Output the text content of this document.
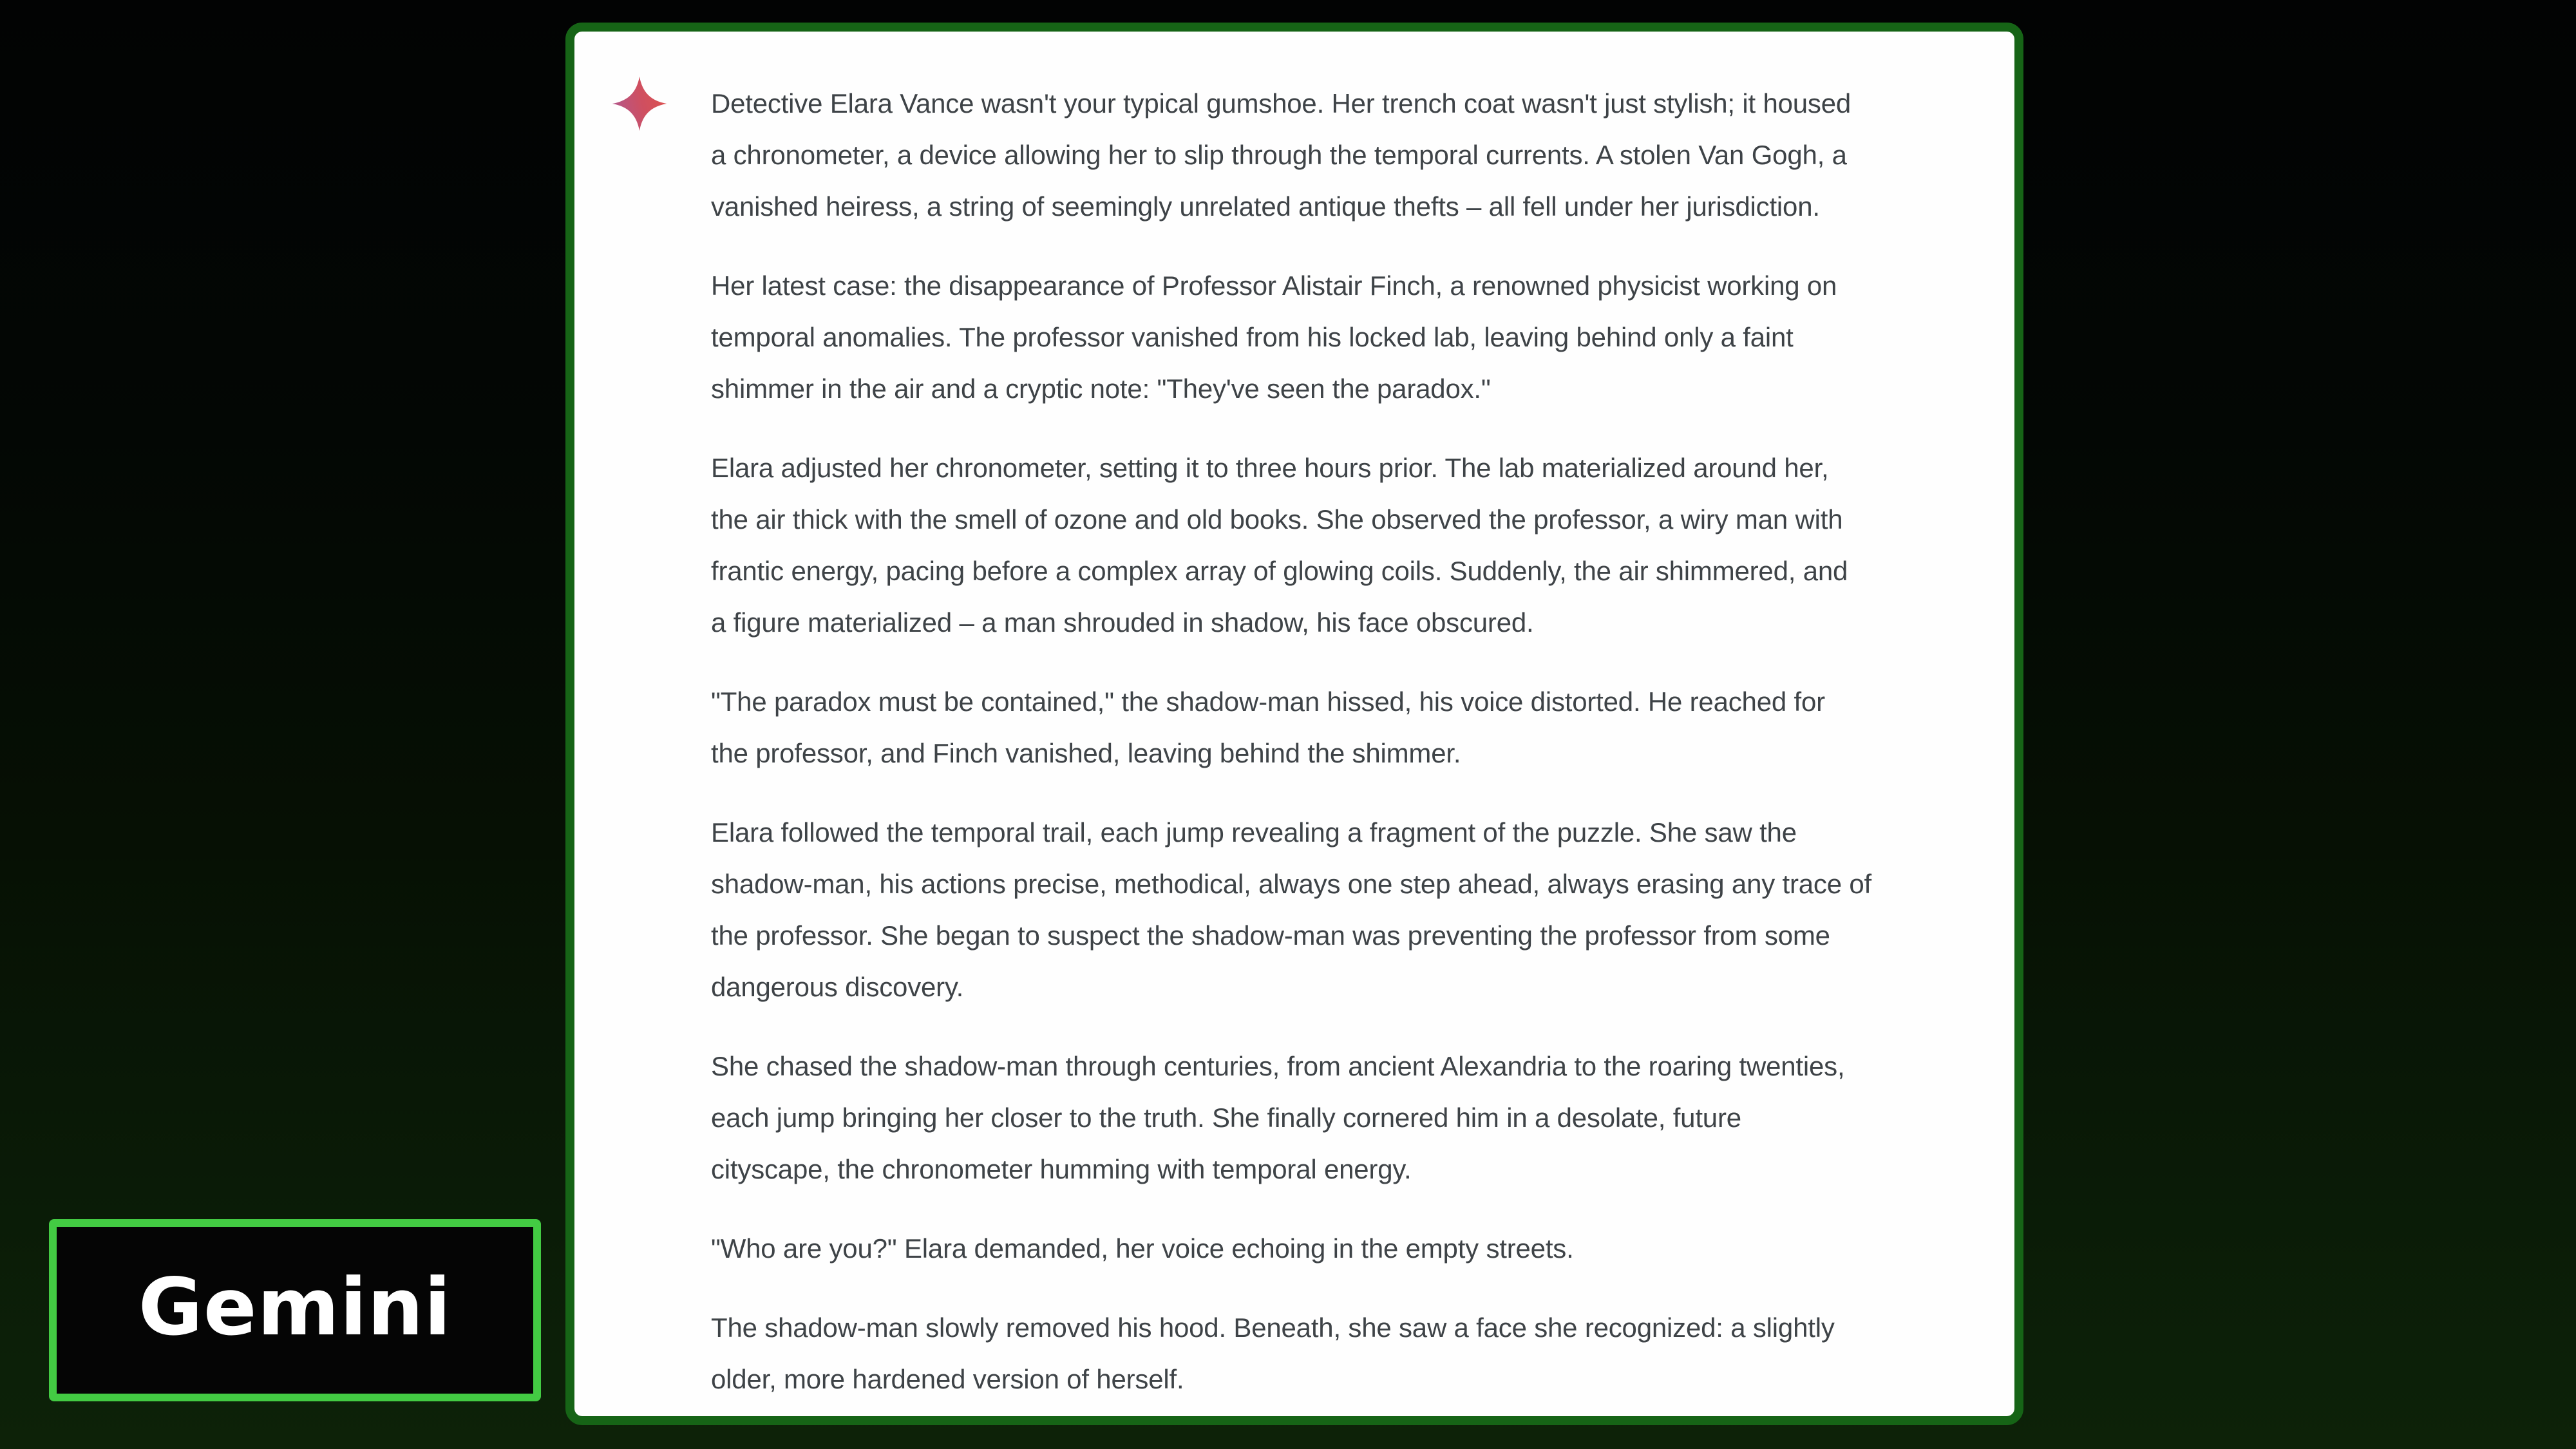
Detective Elara Vance wasn't your typical gumshoe. Her trench coat wasn't just stylish; it housed
a chronometer, a device allowing her to slip through the temporal currents. A stolen Van Gogh, a
vanished heiress, a string of seemingly unrelated antique thefts – all fell under her jurisdiction.

Her latest case: the disappearance of Professor Alistair Finch, a renowned physicist working on
temporal anomalies. The professor vanished from his locked lab, leaving behind only a faint
shimmer in the air and a cryptic note: "They've seen the paradox."

Elara adjusted her chronometer, setting it to three hours prior. The lab materialized around her,
the air thick with the smell of ozone and old books. She observed the professor, a wiry man with
frantic energy, pacing before a complex array of glowing coils. Suddenly, the air shimmered, and
a figure materialized – a man shrouded in shadow, his face obscured.

"The paradox must be contained," the shadow-man hissed, his voice distorted. He reached for
the professor, and Finch vanished, leaving behind the shimmer.

Elara followed the temporal trail, each jump revealing a fragment of the puzzle. She saw the
shadow-man, his actions precise, methodical, always one step ahead, always erasing any trace of
the professor. She began to suspect the shadow-man was preventing the professor from some
dangerous discovery.

She chased the shadow-man through centuries, from ancient Alexandria to the roaring twenties,
each jump bringing her closer to the truth. She finally cornered him in a desolate, future
cityscape, the chronometer humming with temporal energy.

"Who are you?" Elara demanded, her voice echoing in the empty streets.

The shadow-man slowly removed his hood. Beneath, she saw a face she recognized: a slightly
older, more hardened version of herself.

Gemini
